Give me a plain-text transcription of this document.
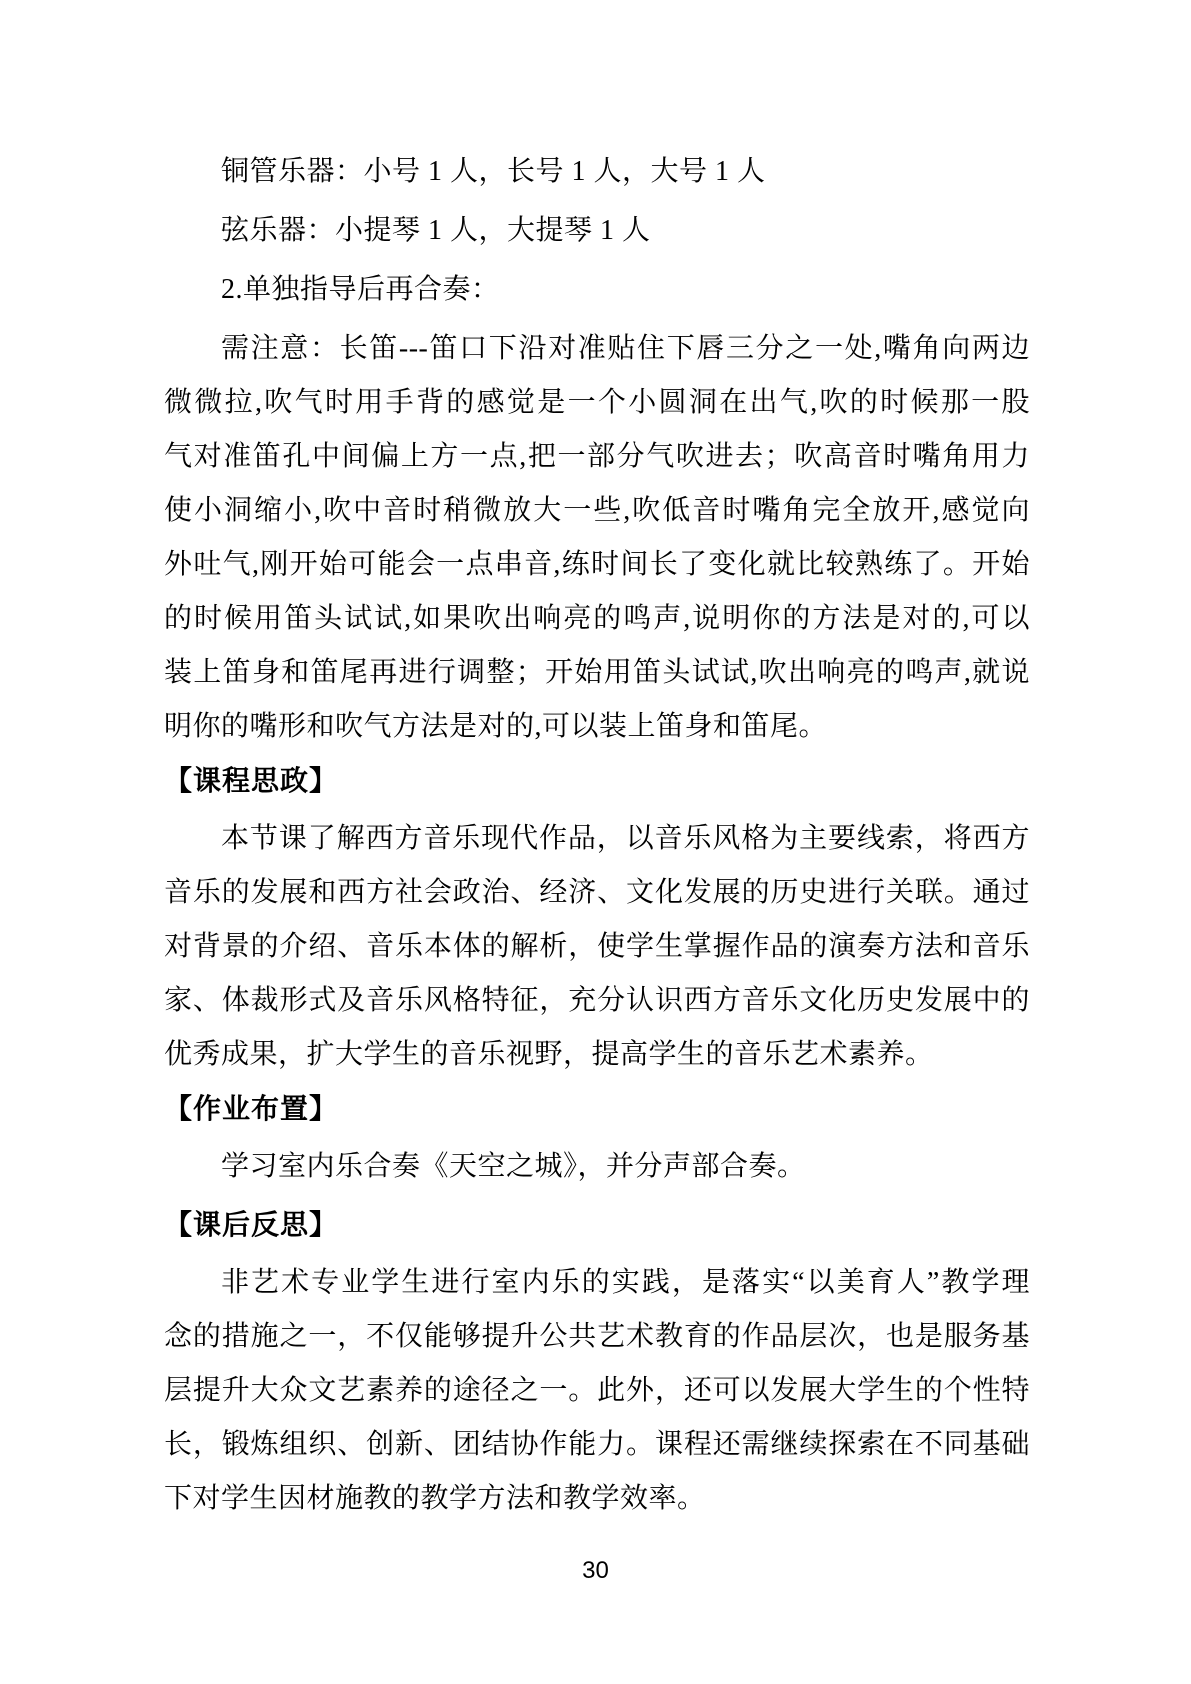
铜管乐器：小号 1 人，长号 1 人，大号 1 人
弦乐器：小提琴 1 人，大提琴 1 人
2.单独指导后再合奏：
需注意：长笛---笛口下沿对准贴住下唇三分之一处,嘴角向两边
微微拉,吹气时用手背的感觉是一个小圆洞在出气,吹的时候那一股
气对准笛孔中间偏上方一点,把一部分气吹进去；吹高音时嘴角用力
使小洞缩小,吹中音时稍微放大一些,吹低音时嘴角完全放开,感觉向
外吐气,刚开始可能会一点串音,练时间长了变化就比较熟练了。开始
的时候用笛头试试,如果吹出响亮的鸣声,说明你的方法是对的,可以
装上笛身和笛尾再进行调整；开始用笛头试试,吹出响亮的鸣声,就说
明你的嘴形和吹气方法是对的,可以装上笛身和笛尾。
【课程思政】
本节课了解西方音乐现代作品，以音乐风格为主要线索，将西方
音乐的发展和西方社会政治、经济、文化发展的历史进行关联。通过
对背景的介绍、音乐本体的解析，使学生掌握作品的演奏方法和音乐
家、体裁形式及音乐风格特征，充分认识西方音乐文化历史发展中的
优秀成果，扩大学生的音乐视野，提高学生的音乐艺术素养。
【作业布置】
学习室内乐合奏《天空之城》，并分声部合奏。
【课后反思】
非艺术专业学生进行室内乐的实践，是落实“以美育人”教学理
念的措施之一，不仅能够提升公共艺术教育的作品层次，也是服务基
层提升大众文艺素养的途径之一。此外，还可以发展大学生的个性特
长，锻炼组织、创新、团结协作能力。课程还需继续探索在不同基础
下对学生因材施教的教学方法和教学效率。
30
